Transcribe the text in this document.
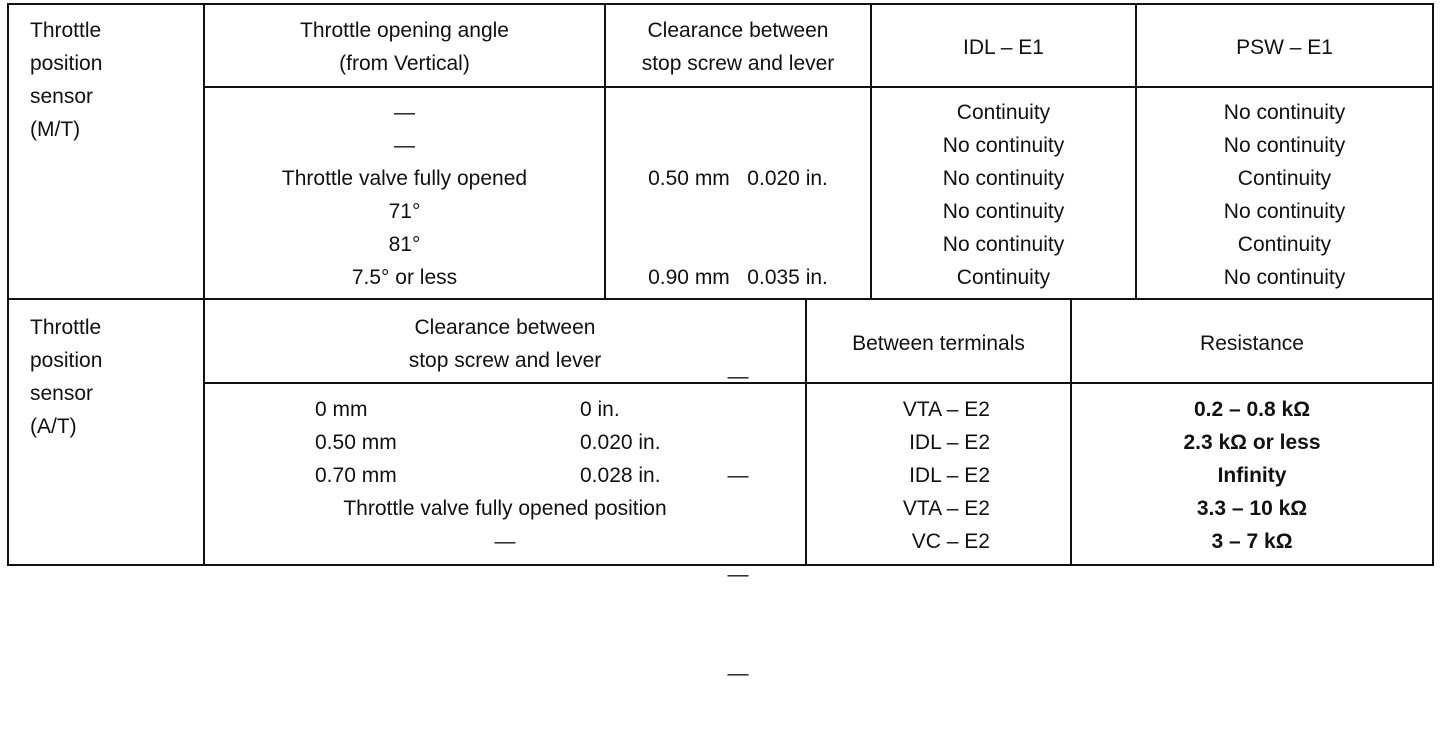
Throttle
position
sensor
(M/T)
Throttle opening angle
(from Vertical)
Clearance between
stop screw and lever
IDL – E1	PSW – E1
—
—
Throttle valve fully opened
71°
81°
7.5° or less

0.50 mm   0.020 in.

0.90 mm   0.035 in.

—

—

—

—

Continuity
No continuity
No continuity
No continuity
No continuity
Continuity
No continuity
No continuity
Continuity
No continuity
Continuity
No continuity
Throttle
position
sensor
(A/T)
Clearance between
stop screw and lever
Between terminals	Resistance
0 mm
0.50 mm
0.70 mm
0 in.
0.020 in.
0.028 in.
Throttle valve fully opened position
—
VTA – E2
IDL – E2
IDL – E2
VTA – E2
VC – E2
0.2 – 0.8 kΩ
2.3 kΩ or less
Infinity
3.3 – 10 kΩ
3 – 7 kΩ
